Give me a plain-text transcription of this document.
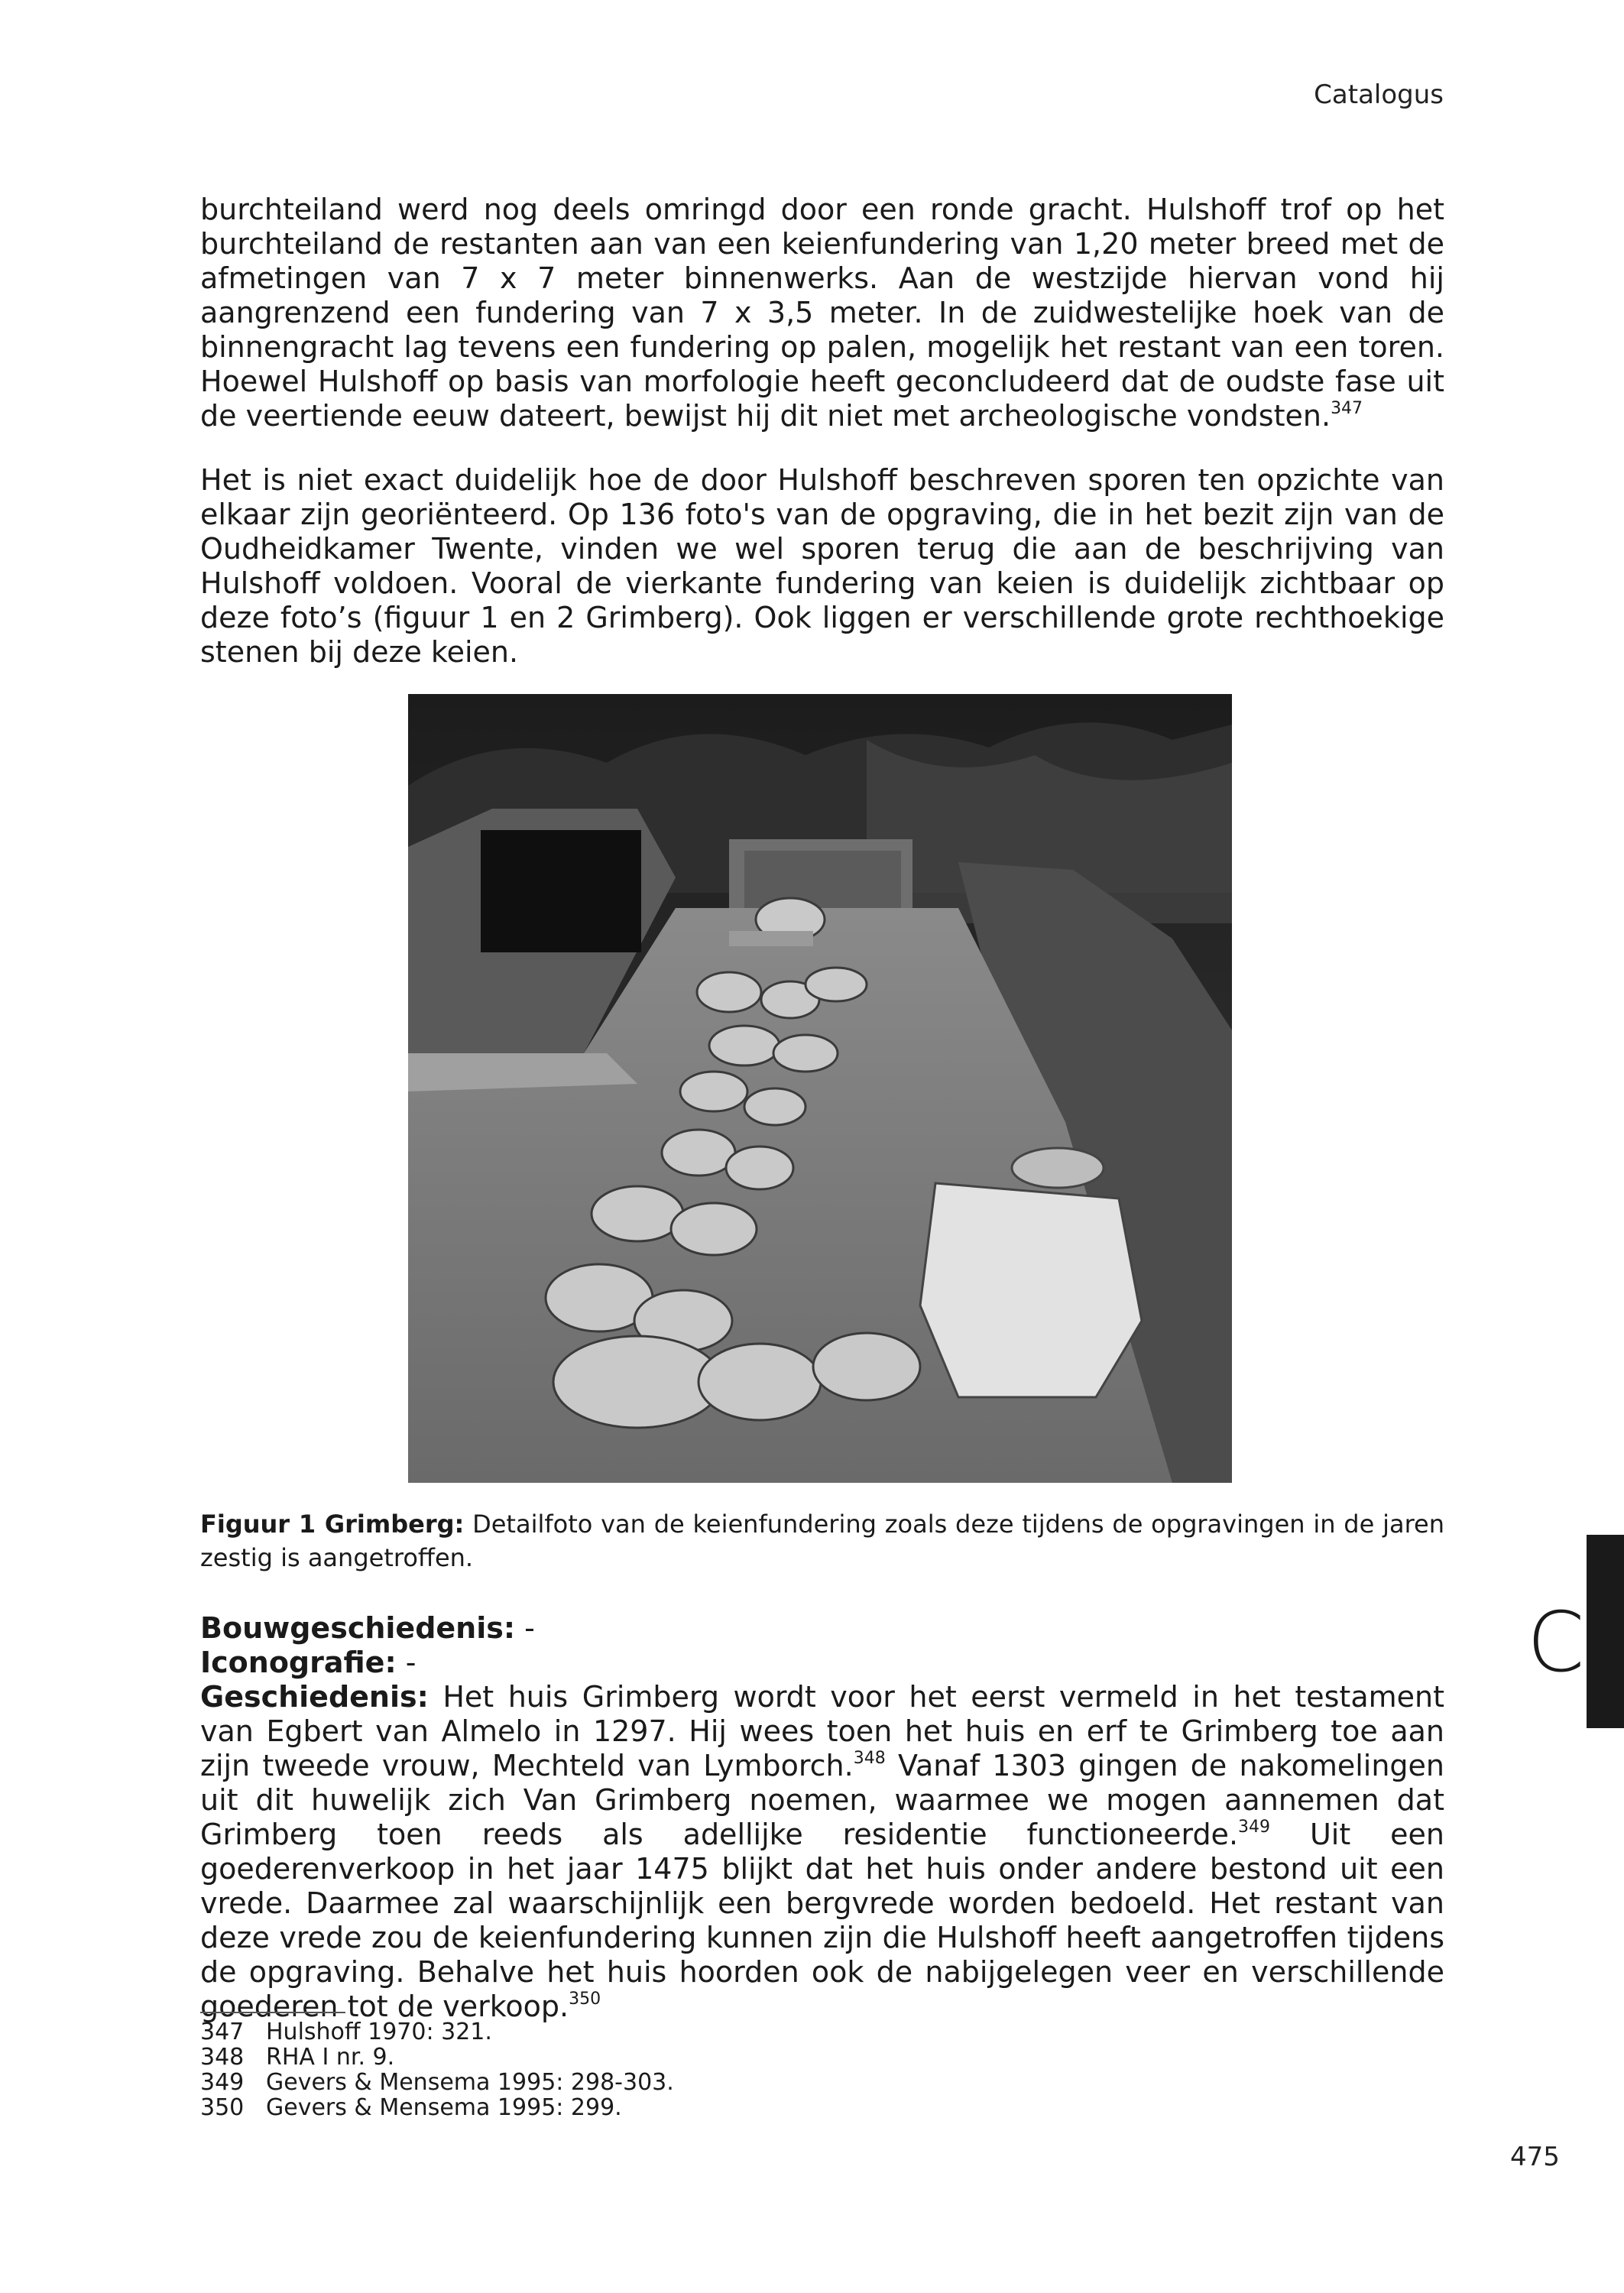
Catalogus

burchteiland werd nog deels omringd door een ronde gracht. Hulshoff trof op het burchteiland de restanten aan van een keienfundering van 1,20 meter breed met de afmetingen van 7 x 7 meter binnenwerks. Aan de westzijde hiervan vond hij aangrenzend een fundering van 7 x 3,5 meter. In de zuidwestelijke hoek van de binnengracht lag tevens een fundering op palen, mogelijk het restant van een toren. Hoewel Hulshoff op basis van morfologie heeft geconcludeerd dat de oudste fase uit de veertiende eeuw dateert, bewijst hij dit niet met archeologische vondsten.$^{347}$

Het is niet exact duidelijk hoe de door Hulshoff beschreven sporen ten opzichte van elkaar zijn georiënteerd. Op 136 foto's van de opgraving, die in het bezit zijn van de Oudheidkamer Twente, vinden we wel sporen terug die aan de beschrijving van Hulshoff voldoen. Vooral de vierkante fundering van keien is duidelijk zichtbaar op deze foto’s (figuur 1 en 2 Grimberg). Ook liggen er verschillende grote rechthoekige stenen bij deze keien.

Figuur 1 Grimberg: Detailfoto van de keienfundering zoals deze tijdens de opgravingen in de jaren zestig is aangetroffen.

C

Bouwgeschiedenis: -

Iconografie: -

Geschiedenis: Het huis Grimberg wordt voor het eerst vermeld in het testament van Egbert van Almelo in 1297. Hij wees toen het huis en erf te Grimberg toe aan zijn tweede vrouw, Mechteld van Lymborch.$^{348}$ Vanaf 1303 gingen de nakomelingen uit dit huwelijk zich Van Grimberg noemen, waarmee we mogen aannemen dat Grimberg toen reeds als adellijke residentie functioneerde.$^{349}$ Uit een goederenverkoop in het jaar 1475 blijkt dat het huis onder andere bestond uit een vrede. Daarmee zal waarschijnlijk een bergvrede worden bedoeld. Het restant van deze vrede zou de keienfundering kunnen zijn die Hulshoff heeft aangetroffen tijdens de opgraving. Behalve het huis hoorden ook de nabijgelegen veer en verschillende goederen tot de verkoop.$^{350}$

347 Hulshoff 1970: 321.
348 RHA I nr. 9.
349 Gevers & Mensema 1995: 298-303.
350 Gevers & Mensema 1995: 299.
475
